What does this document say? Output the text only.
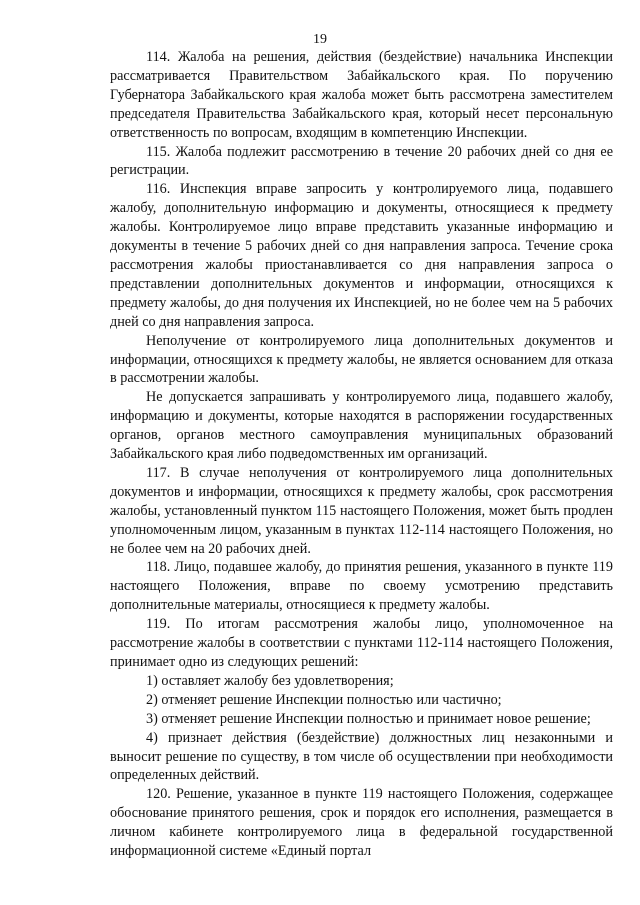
19

114. Жалоба на решения, действия (бездействие) начальника Инспекции рассматривается Правительством Забайкальского края. По поручению Губернатора Забайкальского края жалоба может быть рассмотрена заместителем председателя Правительства Забайкальского края, который несет персональную ответственность по вопросам, входящим в компетенцию Инспекции.

115. Жалоба подлежит рассмотрению в течение 20 рабочих дней со дня ее регистрации.

116. Инспекция вправе запросить у контролируемого лица, подавшего жалобу, дополнительную информацию и документы, относящиеся к предмету жалобы. Контролируемое лицо вправе представить указанные информацию и документы в течение 5 рабочих дней со дня направления запроса. Течение срока рассмотрения жалобы приостанавливается со дня направления запроса о представлении дополнительных документов и информации, относящихся к предмету жалобы, до дня получения их Инспекцией, но не более чем на 5 рабочих дней со дня направления запроса.

Неполучение от контролируемого лица дополнительных документов и информации, относящихся к предмету жалобы, не является основанием для отказа в рассмотрении жалобы.

Не допускается запрашивать у контролируемого лица, подавшего жалобу, информацию и документы, которые находятся в распоряжении государственных органов, органов местного самоуправления муниципальных образований Забайкальского края либо подведомственных им организаций.

117. В случае неполучения от контролируемого лица дополнительных документов и информации, относящихся к предмету жалобы, срок рассмотрения жалобы, установленный пунктом 115 настоящего Положения, может быть продлен уполномоченным лицом, указанным в пунктах 112-114 настоящего Положения, но не более чем на 20 рабочих дней.

118. Лицо, подавшее жалобу, до принятия решения, указанного в пункте 119 настоящего Положения, вправе по своему усмотрению представить дополнительные материалы, относящиеся к предмету жалобы.

119. По итогам рассмотрения жалобы лицо, уполномоченное на рассмотрение жалобы в соответствии с пунктами 112-114 настоящего Положения, принимает одно из следующих решений:

1) оставляет жалобу без удовлетворения;

2) отменяет решение Инспекции полностью или частично;

3) отменяет решение Инспекции полностью и принимает новое решение;

4) признает действия (бездействие) должностных лиц незаконными и выносит решение по существу, в том числе об осуществлении при необходимости определенных действий.

120. Решение, указанное в пункте 119 настоящего Положения, содержащее обоснование принятого решения, срок и порядок его исполнения, размещается в личном кабинете контролируемого лица в федеральной государственной информационной системе «Единый портал
